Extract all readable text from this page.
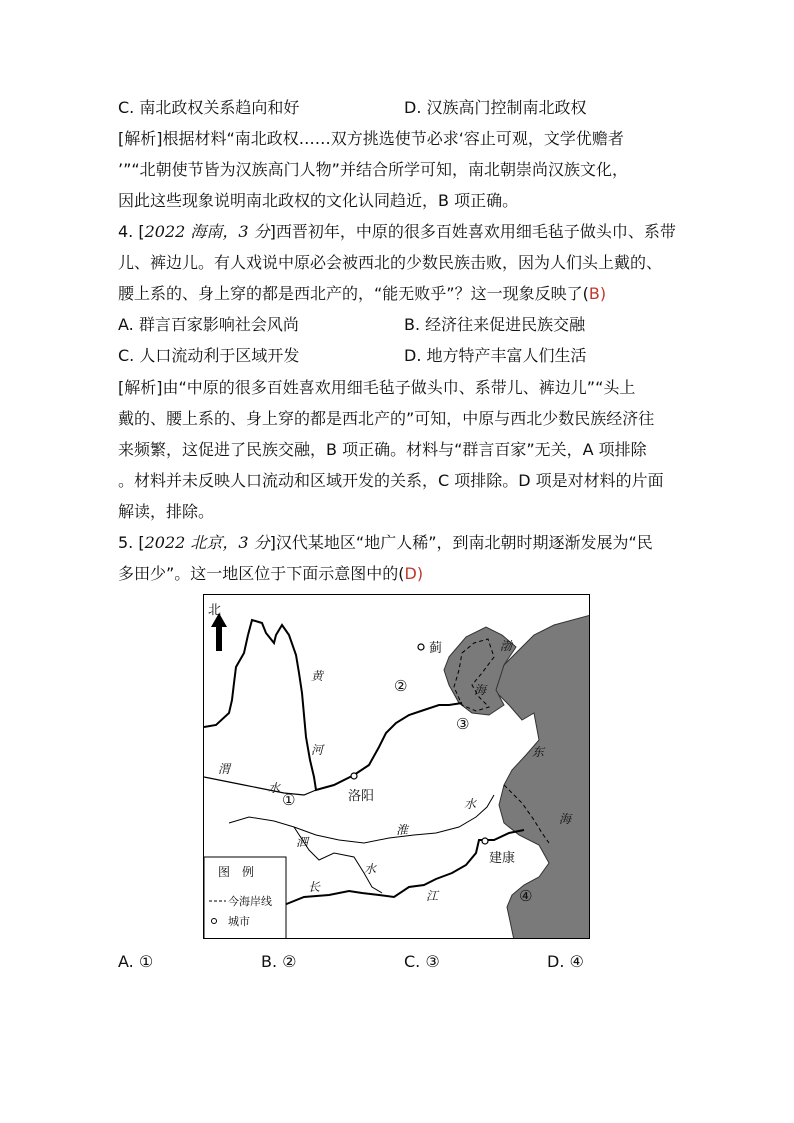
C. 南北政权关系趋向和好	D. 汉族高门控制南北政权
[解析]根据材料“南北政权……双方挑选使节必求‘容止可观，文学优赡者
’”“北朝使节皆为汉族高门人物”并结合所学可知，南北朝崇尚汉族文化，
因此这些现象说明南北政权的文化认同趋近，B 项正确。
4. [2022 海南，3 分]西晋初年，中原的很多百姓喜欢用细毛毡子做头巾、系带
儿、裤边儿。有人戏说中原必会被西北的少数民族击败，因为人们头上戴的、
腰上系的、身上穿的都是西北产的，“能无败乎”？这一现象反映了(B)
A. 群言百家影响社会风尚	B. 经济往来促进民族交融
C. 人口流动利于区域开发	D. 地方特产丰富人们生活
[解析]由“中原的很多百姓喜欢用细毛毡子做头巾、系带儿、裤边儿”“头上
戴的、腰上系的、身上穿的都是西北产的”可知，中原与西北少数民族经济往
来频繁，这促进了民族交融，B 项正确。材料与“群言百家”无关，A 项排除
。材料并未反映人口流动和区域开发的关系，C 项排除。D 项是对材料的片面
解读，排除。
5. [2022 北京，3 分]汉代某地区“地广人稀”，到南北朝时期逐渐发展为“民
多田少”。这一地区位于下面示意图中的(D)
北
黄
河
渭
水
洛阳
蓟	渤
海
东
海
淮
水
泗
水
长
江
建康
①
②
③
④
图　例
今海岸线
城市
A. ①	B. ②	C. ③	D. ④
